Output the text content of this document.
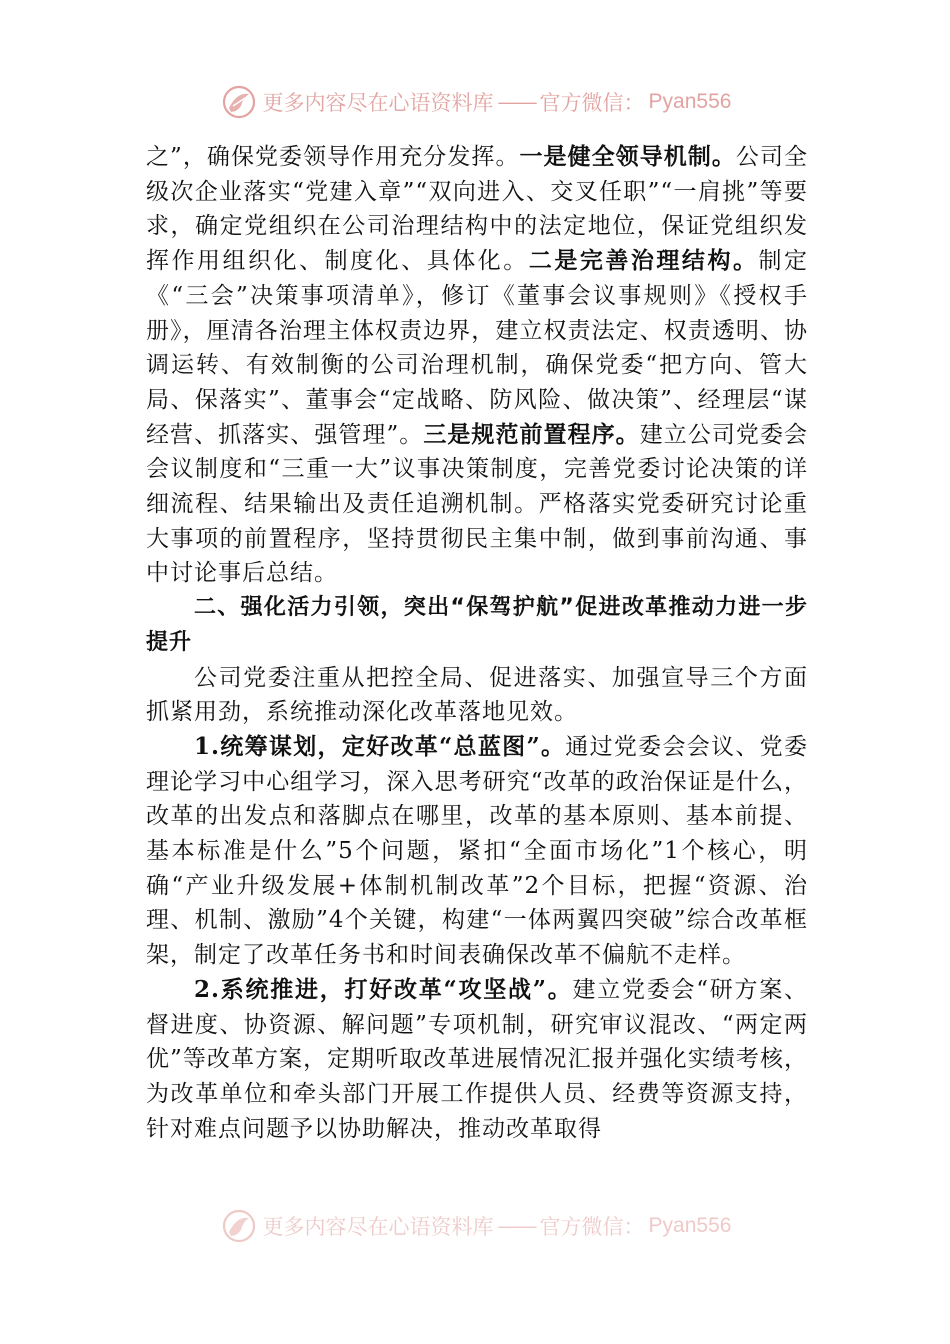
更多内容尽在心语资料库 —— 官方微信： Pyan556

之”，确保党委领导作用充分发挥。一是健全领导机制。公司全级次企业落实“党建入章”“双向进入、交叉任职”“一肩挑”等要求，确定党组织在公司治理结构中的法定地位，保证党组织发挥作用组织化、制度化、具体化。二是完善治理结构。制定《“三会”决策事项清单》，修订《董事会议事规则》《授权手册》，厘清各治理主体权责边界，建立权责法定、权责透明、协调运转、有效制衡的公司治理机制，确保党委“把方向、管大局、保落实”、董事会“定战略、防风险、做决策”、经理层“谋经营、抓落实、强管理”。三是规范前置程序。建立公司党委会会议制度和“三重一大”议事决策制度，完善党委讨论决策的详细流程、结果输出及责任追溯机制。严格落实党委研究讨论重大事项的前置程序，坚持贯彻民主集中制，做到事前沟通、事中讨论事后总结。

二、强化活力引领，突出“保驾护航”促进改革推动力进一步提升

公司党委注重从把控全局、促进落实、加强宣导三个方面抓紧用劲，系统推动深化改革落地见效。

1.统筹谋划，定好改革“总蓝图”。通过党委会会议、党委理论学习中心组学习，深入思考研究“改革的政治保证是什么，改革的出发点和落脚点在哪里，改革的基本原则、基本前提、基本标准是什么”5个问题，紧扣“全面市场化”1个核心，明确“产业升级发展+体制机制改革”2个目标，把握“资源、治理、机制、激励”4个关键，构建“一体两翼四突破”综合改革框架，制定了改革任务书和时间表确保改革不偏航不走样。

2.系统推进，打好改革“攻坚战”。建立党委会“研方案、督进度、协资源、解问题”专项机制，研究审议混改、“两定两优”等改革方案，定期听取改革进展情况汇报并强化实绩考核，为改革单位和牵头部门开展工作提供人员、经费等资源支持，针对难点问题予以协助解决，推动改革取得

更多内容尽在心语资料库 —— 官方微信： Pyan556
